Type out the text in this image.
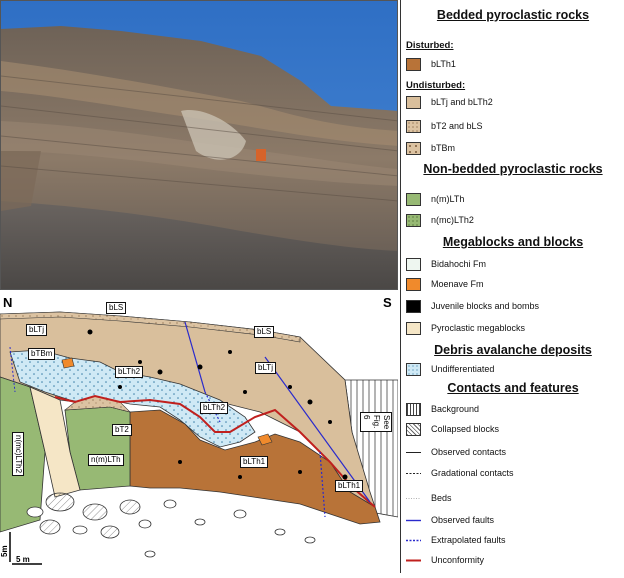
N	S
bLS
bLS
bLTj
bLTj
bTBm
bLTh2
bLTh2
bT2
n(m)LTh
n(mc)LTh2	bLTh1
bLTh1
See Fig. 6
5m
5 m
Bedded pyroclastic rocks
Disturbed:
bLTh1
Undisturbed:
bLTj and bLTh2
bT2 and bLS
bTBm
Non-bedded pyroclastic rocks
n(m)LTh
n(mc)LTh2
Megablocks and blocks
Bidahochi Fm
Moenave Fm
Juvenile blocks and bombs
Pyroclastic megablocks
Debris avalanche deposits
Undifferentiated
Contacts and features
Background
Collapsed blocks
Observed contacts
Gradational contacts
Beds
Observed faults
Extrapolated faults
Unconformity
